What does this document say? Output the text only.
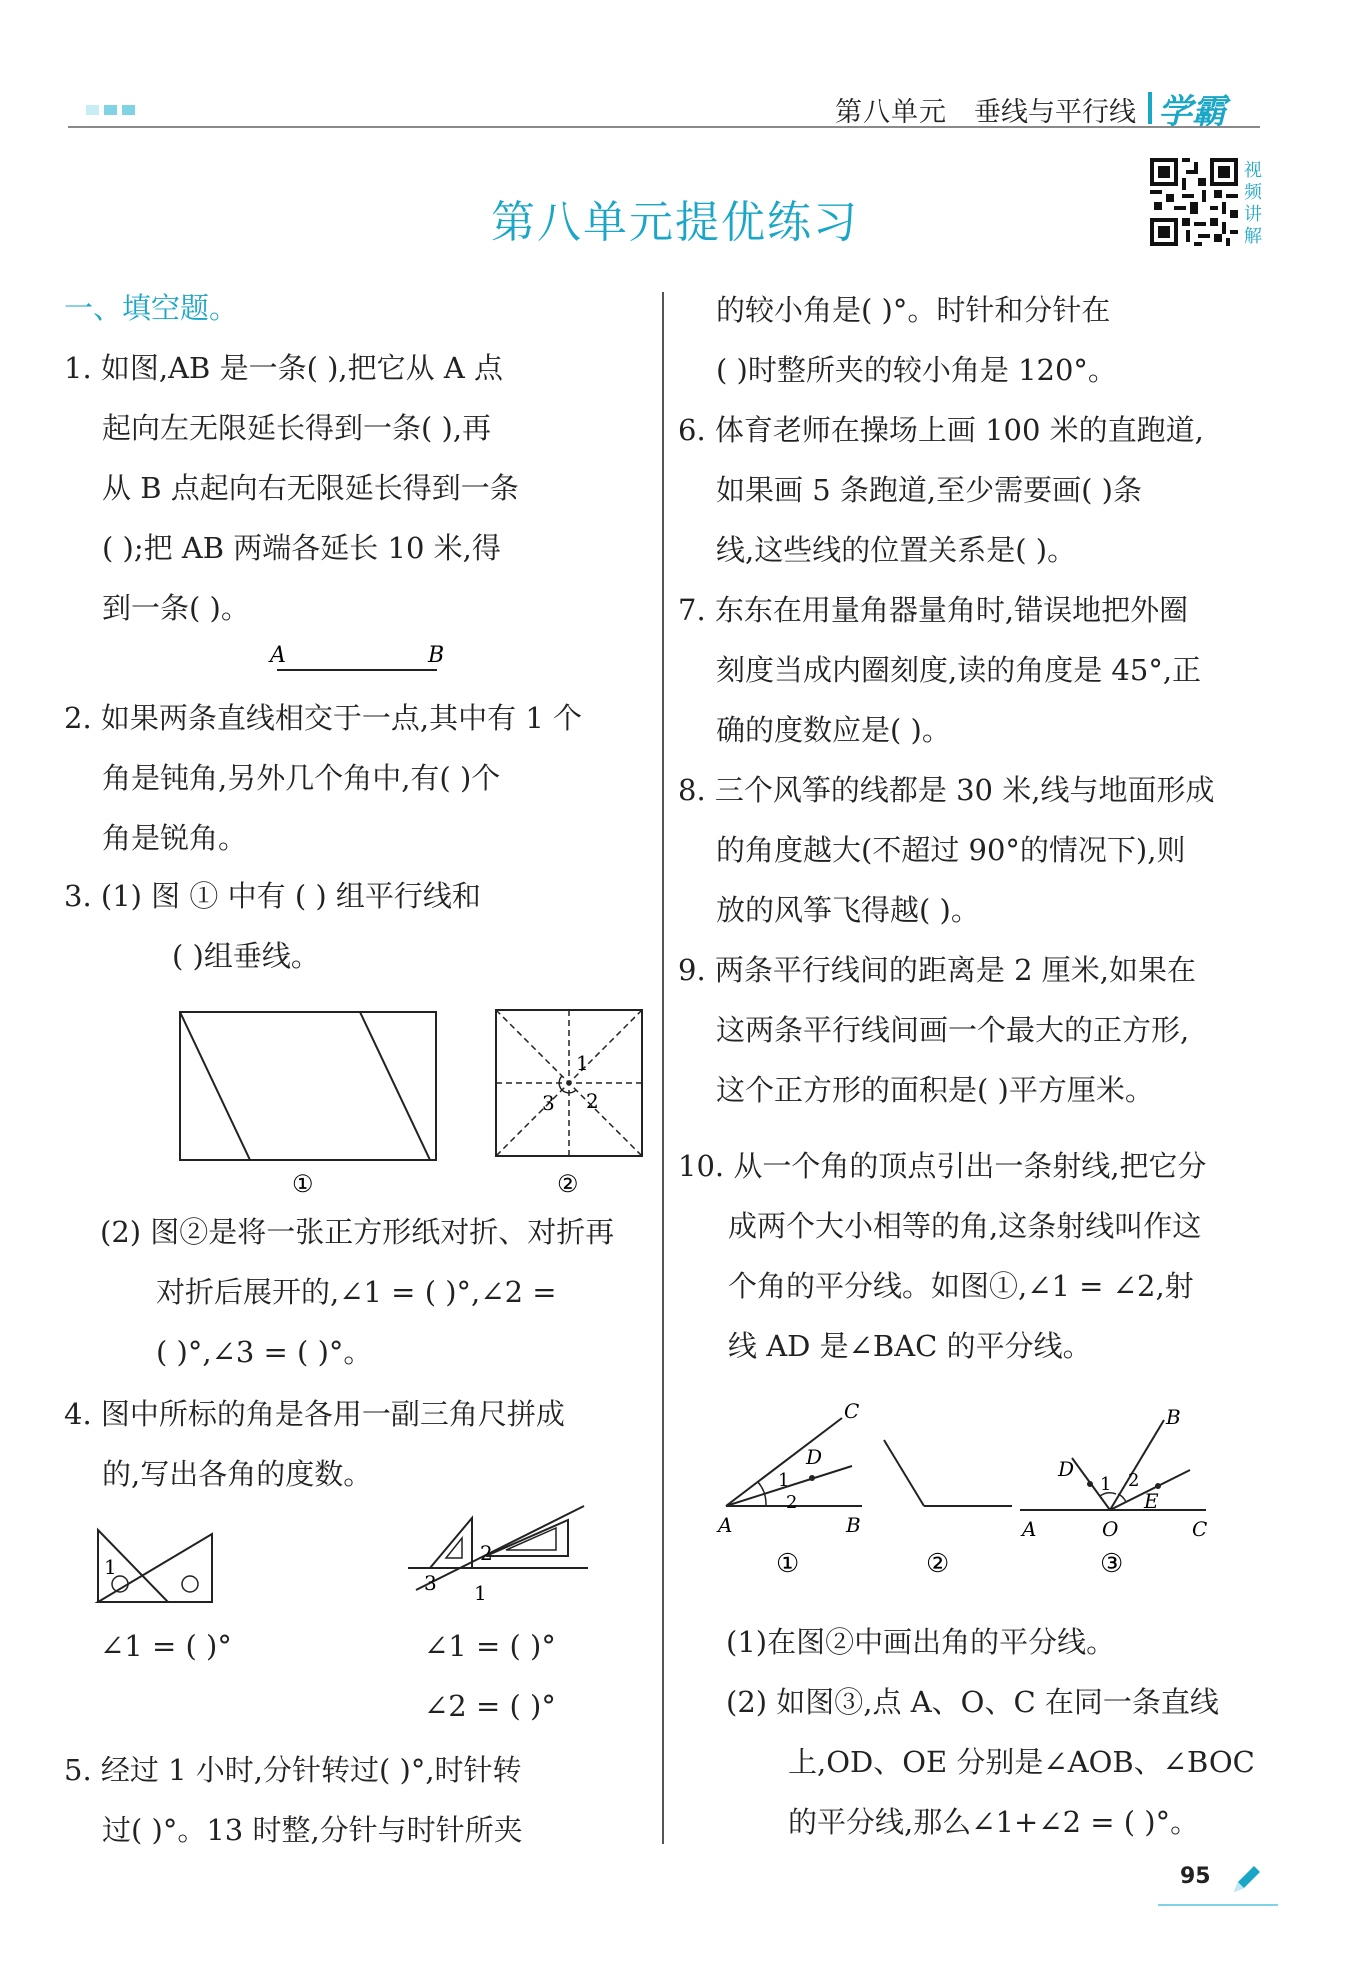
第八单元 垂线与平行线 学霸
第八单元提优练习
视
频
讲
解

一、填空题。

1. 如图,AB 是一条( ),把它从 A 点

起向左无限延长得到一条( ),再

从 B 点起向右无限延长得到一条

( );把 AB 两端各延长 10 米,得

到一条( )。

A	B

2. 如果两条直线相交于一点,其中有 1 个

角是钝角,另外几个角中,有( )个

角是锐角。

3. (1) 图 ① 中有 ( ) 组平行线和

( )组垂线。

①
1
2
3
②

(2) 图②是将一张正方形纸对折、对折再

对折后展开的,∠1 = ( )°,∠2 =

( )°,∠3 = ( )°。

4. 图中所标的角是各用一副三角尺拼成

的,写出各角的度数。

1
2
3 1

∠1 = ( )°	∠1 = ( )°

∠2 = ( )°

5. 经过 1 小时,分针转过( )°,时针转

过( )°。13 时整,分针与时针所夹

的较小角是( )°。时针和分针在

( )时整所夹的较小角是 120°。

6. 体育老师在操场上画 100 米的直跑道,

如果画 5 条跑道,至少需要画( )条

线,这些线的位置关系是( )。

7. 东东在用量角器量角时,错误地把外圈

刻度当成内圈刻度,读的角度是 45°,正

确的度数应是( )。

8. 三个风筝的线都是 30 米,线与地面形成

的角度越大(不超过 90°的情况下),则

放的风筝飞得越( )。

9. 两条平行线间的距离是 2 厘米,如果在

这两条平行线间画一个最大的正方形,

这个正方形的面积是( )平方厘米。

10. 从一个角的顶点引出一条射线,把它分

成两个大小相等的角,这条射线叫作这

个角的平分线。如图①,∠1 = ∠2,射

线 AD 是∠BAC 的平分线。

C
D
1
2
A	B
①	②
B
D
1 2
E
A	O	C
③

(1)在图②中画出角的平分线。

(2) 如图③,点 A、O、C 在同一条直线

上,OD、OE 分别是∠AOB、∠BOC

的平分线,那么∠1+∠2 = ( )°。

95
